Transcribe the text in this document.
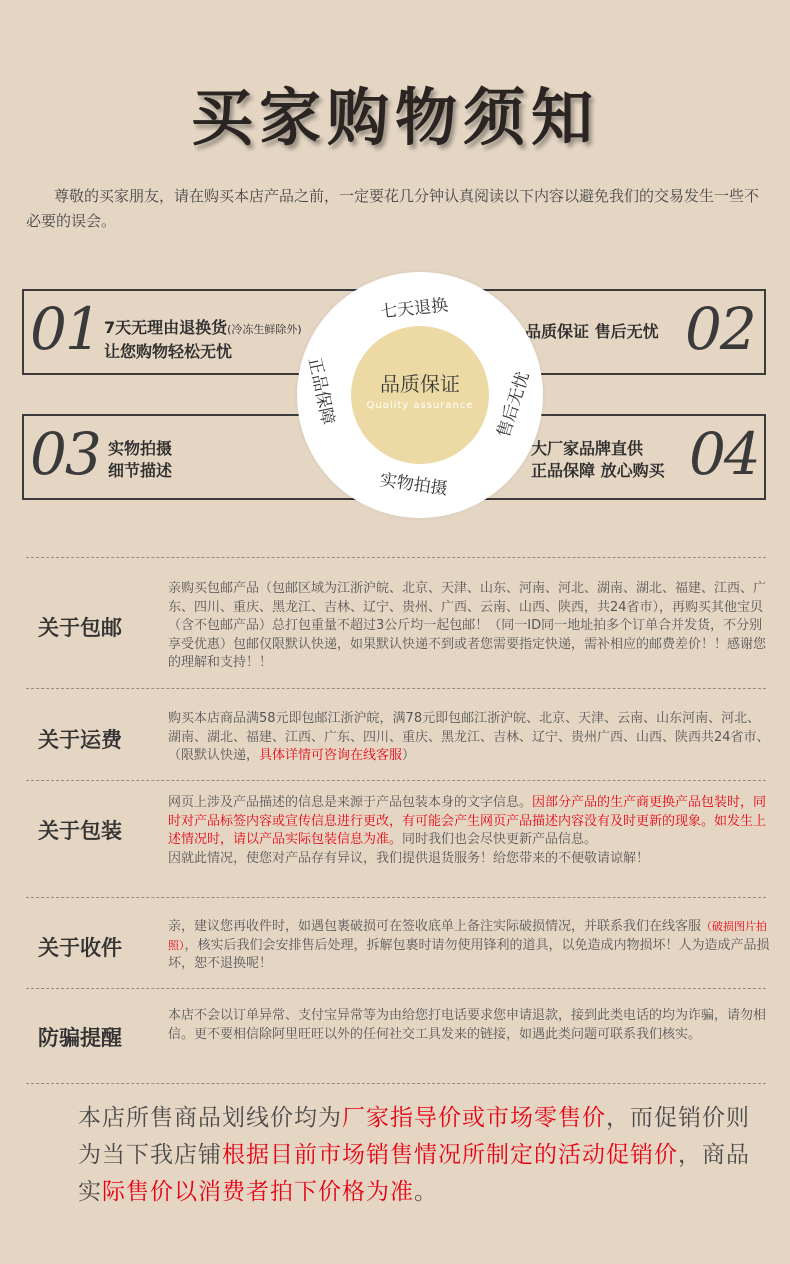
买家购物须知
尊敬的买家朋友，请在购买本店产品之前，一定要花几分钟认真阅读以下内容以避免我们的交易发生一些不必要的误会。
01 7天无理由退换货(冷冻生鲜除外)
让您购物轻松无忧
品质保证 售后无忧 02
03 实物拍摄
细节描述
大厂家品牌直供
正品保障 放心购买 04
品质保证
Quality assurance
七天退换
实物拍摄
正品保障	售后无忧
关于包邮
亲购买包邮产品（包邮区域为江浙沪皖、北京、天津、山东、河南、河北、湖南、湖北、福建、江西、广东、四川、重庆、黑龙江、吉林、辽宁、贵州、广西、云南、山西、陕西，共24省市），再购买其他宝贝（含不包邮产品）总打包重量不超过3公斤均一起包邮！（同一ID同一地址拍多个订单合并发货，不分别享受优惠）包邮仅限默认快递，如果默认快递不到或者您需要指定快递，需补相应的邮费差价！！感谢您的理解和支持！！
关于运费
购买本店商品满58元即包邮江浙沪皖，满78元即包邮江浙沪皖、北京、天津、云南、山东河南、河北、湖南、湖北、福建、江西、广东、四川、重庆、黑龙江、吉林、辽宁、贵州广西、山西、陕西共24省市、（限默认快递，具体详情可咨询在线客服）
关于包装
网页上涉及产品描述的信息是来源于产品包装本身的文字信息。因部分产品的生产商更换产品包装时，同时对产品标签内容或宣传信息进行更改，有可能会产生网页产品描述内容没有及时更新的现象。如发生上述情况时，请以产品实际包装信息为准。同时我们也会尽快更新产品信息。
因就此情况，使您对产品存有异议，我们提供退货服务！给您带来的不便敬请谅解！
关于收件
亲，建议您再收件时，如遇包裹破损可在签收底单上备注实际破损情况，并联系我们在线客服（破损图片拍照），核实后我们会安排售后处理，拆解包裹时请勿使用锋利的道具，以免造成内物损坏！人为造成产品损坏，恕不退换呢！
防骗提醒
本店不会以订单异常、支付宝异常等为由给您打电话要求您申请退款，接到此类电话的均为诈骗，请勿相信。更不要相信除阿里旺旺以外的任何社交工具发来的链接，如遇此类问题可联系我们核实。
本店所售商品划线价均为厂家指导价或市场零售价，而促销价则为当下我店铺根据目前市场销售情况所制定的活动促销价，商品实际售价以消费者拍下价格为准。
